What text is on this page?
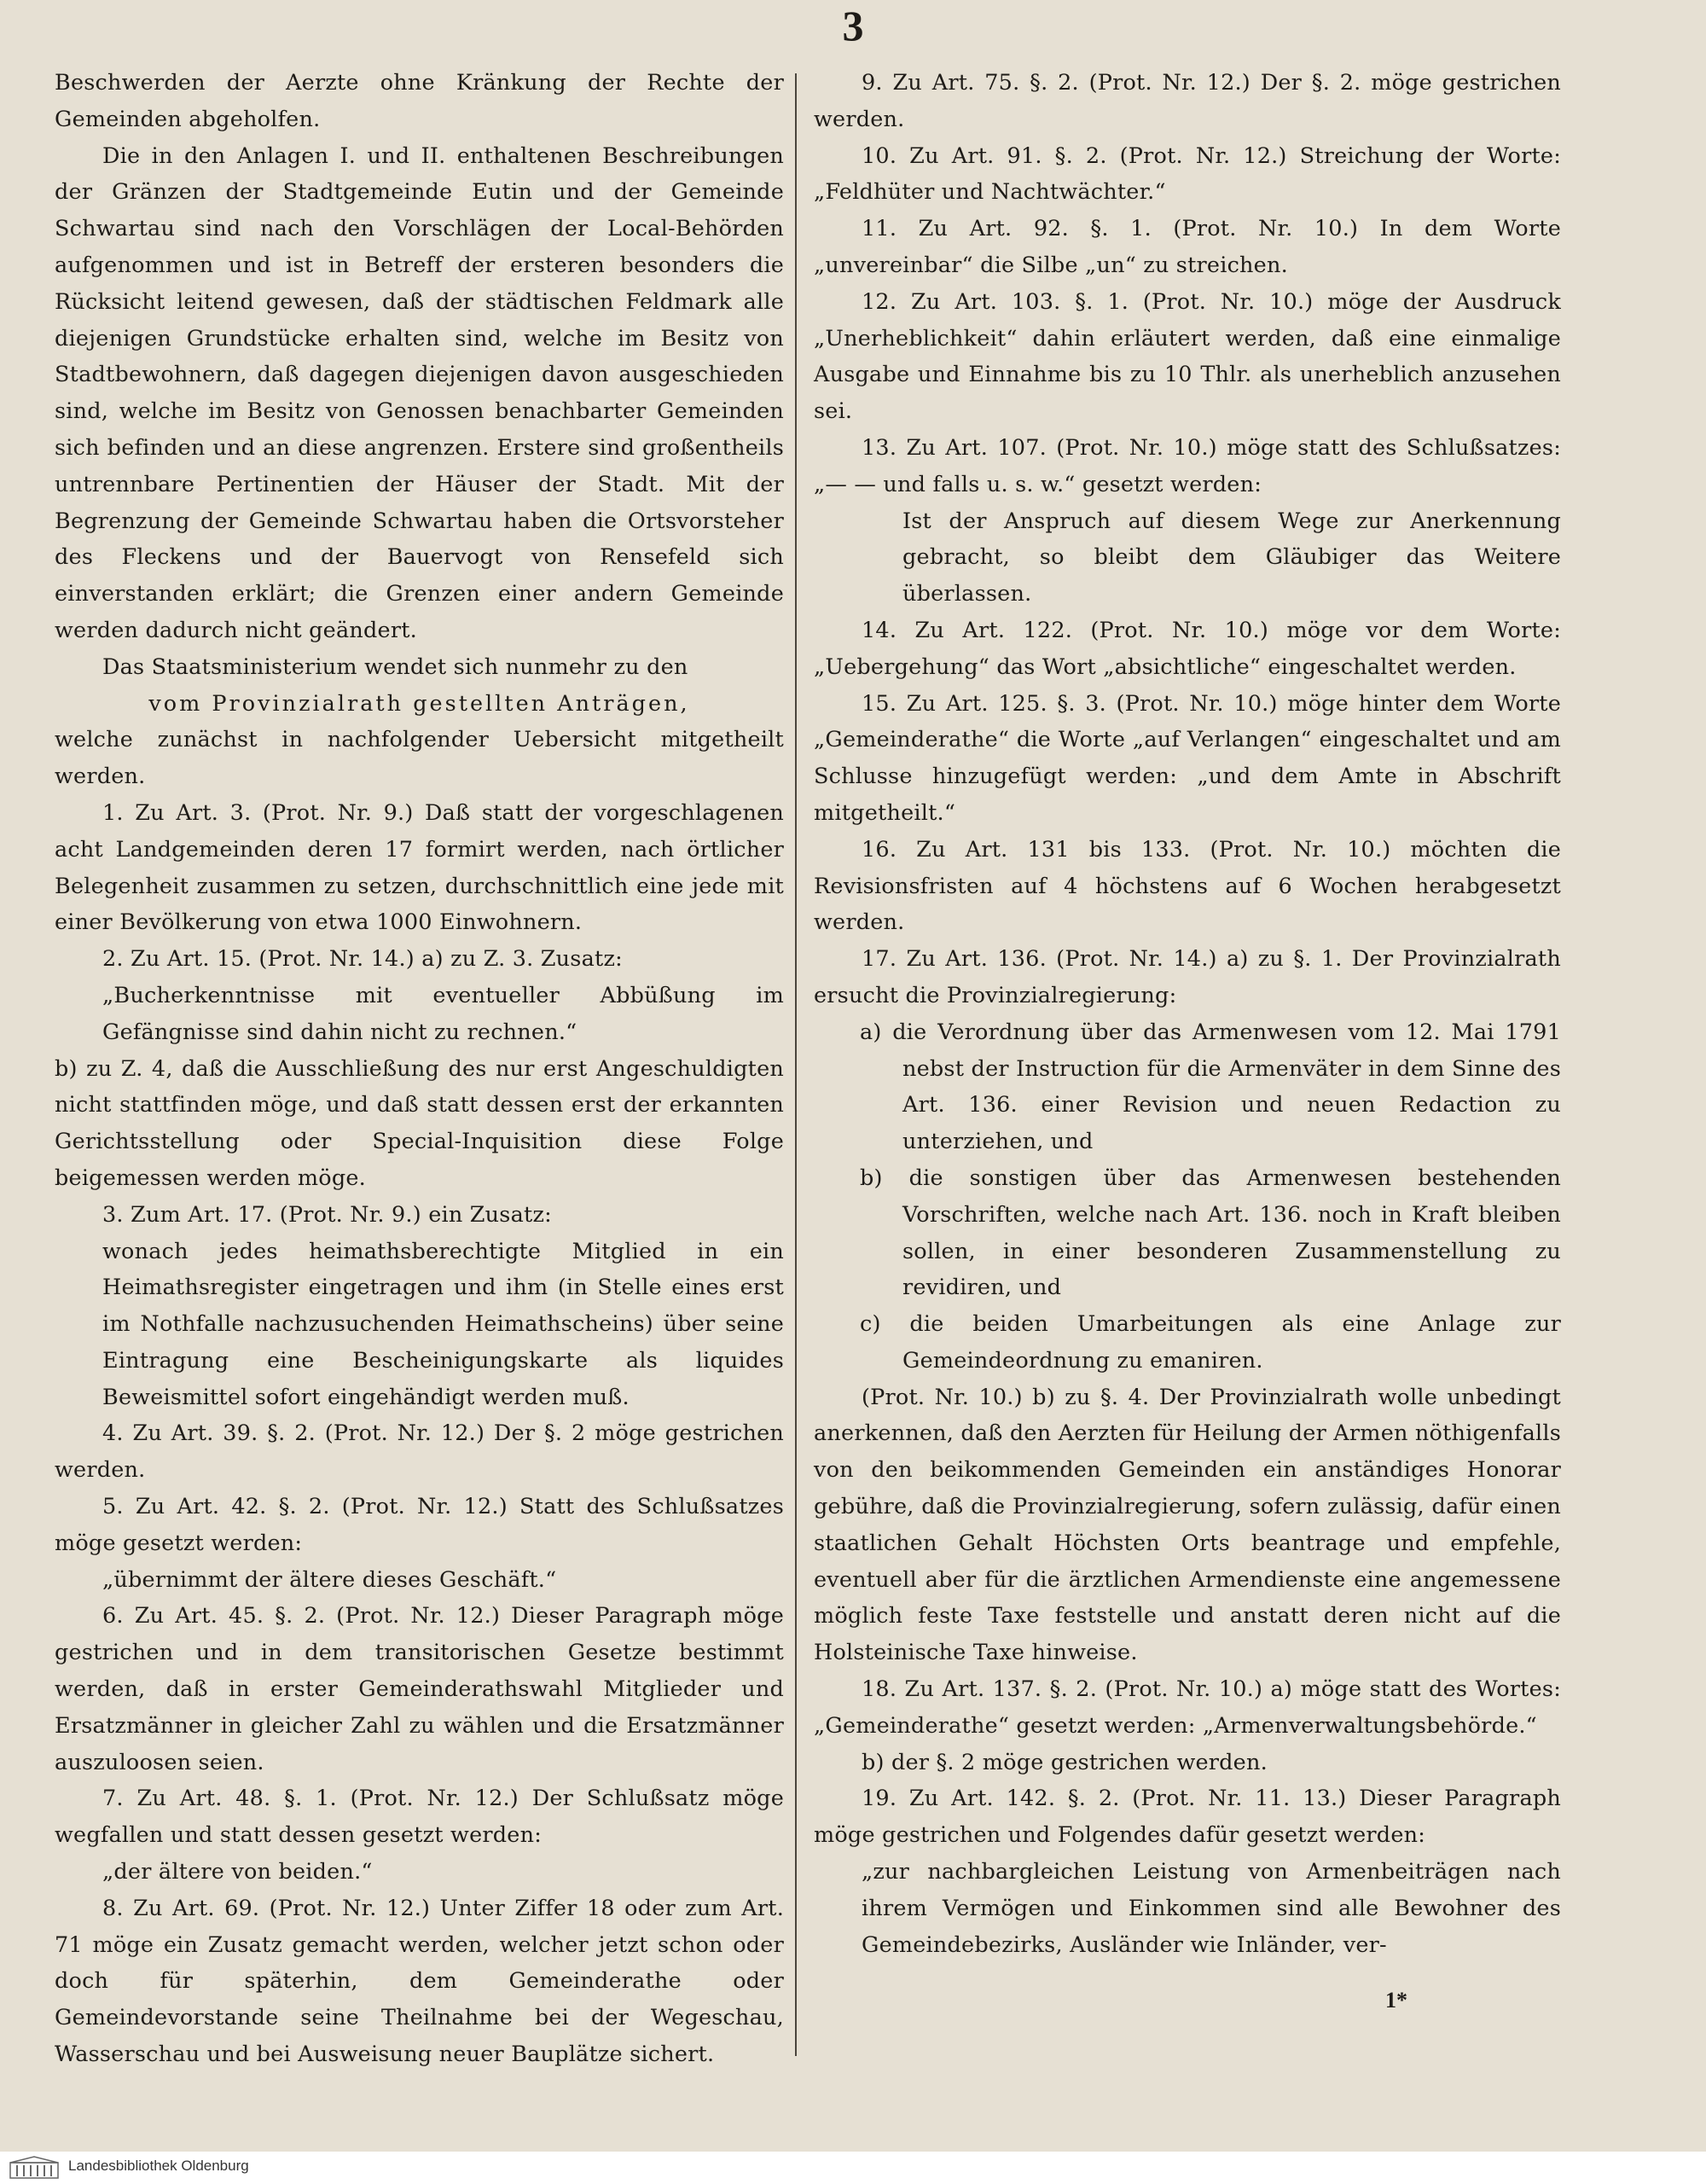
3

Beschwerden der Aerzte ohne Kränkung der Rechte der Gemeinden abgeholfen.

Die in den Anlagen I. und II. enthaltenen Beschreibungen der Gränzen der Stadtgemeinde Eutin und der Gemeinde Schwartau sind nach den Vorschlägen der Local-Behörden aufgenommen und ist in Betreff der ersteren besonders die Rücksicht leitend gewesen, daß der städtischen Feldmark alle diejenigen Grundstücke erhalten sind, welche im Besitz von Stadtbewohnern, daß dagegen diejenigen davon ausgeschieden sind, welche im Besitz von Genossen benachbarter Gemeinden sich befinden und an diese angrenzen. Erstere sind großentheils untrennbare Pertinentien der Häuser der Stadt. Mit der Begrenzung der Gemeinde Schwartau haben die Ortsvorsteher des Fleckens und der Bauervogt von Rensefeld sich einverstanden erklärt; die Grenzen einer andern Gemeinde werden dadurch nicht geändert.

Das Staatsministerium wendet sich nunmehr zu den

vom Provinzialrath gestellten Anträgen,

welche zunächst in nachfolgender Uebersicht mitgetheilt werden.

1. Zu Art. 3. (Prot. Nr. 9.) Daß statt der vorgeschlagenen acht Landgemeinden deren 17 formirt werden, nach örtlicher Belegenheit zusammen zu setzen, durchschnittlich eine jede mit einer Bevölkerung von etwa 1000 Einwohnern.

2. Zu Art. 15. (Prot. Nr. 14.) a) zu Z. 3. Zusatz:

„Bucherkenntnisse mit eventueller Abbüßung im Gefängnisse sind dahin nicht zu rechnen.“

b) zu Z. 4, daß die Ausschließung des nur erst Angeschuldigten nicht stattfinden möge, und daß statt dessen erst der erkannten Gerichtsstellung oder Special-Inquisition diese Folge beigemessen werden möge.

3. Zum Art. 17. (Prot. Nr. 9.) ein Zusatz:

wonach jedes heimathsberechtigte Mitglied in ein Heimathsregister eingetragen und ihm (in Stelle eines erst im Nothfalle nachzusuchenden Heimathscheins) über seine Eintragung eine Bescheinigungskarte als liquides Beweismittel sofort eingehändigt werden muß.

4. Zu Art. 39. §. 2. (Prot. Nr. 12.) Der §. 2 möge gestrichen werden.

5. Zu Art. 42. §. 2. (Prot. Nr. 12.) Statt des Schlußsatzes möge gesetzt werden:

„übernimmt der ältere dieses Geschäft.“

6. Zu Art. 45. §. 2. (Prot. Nr. 12.) Dieser Paragraph möge gestrichen und in dem transitorischen Gesetze bestimmt werden, daß in erster Gemeinderathswahl Mitglieder und Ersatzmänner in gleicher Zahl zu wählen und die Ersatzmänner auszuloosen seien.

7. Zu Art. 48. §. 1. (Prot. Nr. 12.) Der Schlußsatz möge wegfallen und statt dessen gesetzt werden:

„der ältere von beiden.“

8. Zu Art. 69. (Prot. Nr. 12.) Unter Ziffer 18 oder zum Art. 71 möge ein Zusatz gemacht werden, welcher jetzt schon oder doch für späterhin, dem Gemeinderathe oder Gemeindevorstande seine Theilnahme bei der Wegeschau, Wasserschau und bei Ausweisung neuer Bauplätze sichert.

9. Zu Art. 75. §. 2. (Prot. Nr. 12.) Der §. 2. möge gestrichen werden.

10. Zu Art. 91. §. 2. (Prot. Nr. 12.) Streichung der Worte: „Feldhüter und Nachtwächter.“

11. Zu Art. 92. §. 1. (Prot. Nr. 10.) In dem Worte „unvereinbar“ die Silbe „un“ zu streichen.

12. Zu Art. 103. §. 1. (Prot. Nr. 10.) möge der Ausdruck „Unerheblichkeit“ dahin erläutert werden, daß eine einmalige Ausgabe und Einnahme bis zu 10 Thlr. als unerheblich anzusehen sei.

13. Zu Art. 107. (Prot. Nr. 10.) möge statt des Schlußsatzes: „— — und falls u. s. w.“ gesetzt werden:

Ist der Anspruch auf diesem Wege zur Anerkennung gebracht, so bleibt dem Gläubiger das Weitere überlassen.

14. Zu Art. 122. (Prot. Nr. 10.) möge vor dem Worte: „Uebergehung“ das Wort „absichtliche“ eingeschaltet werden.

15. Zu Art. 125. §. 3. (Prot. Nr. 10.) möge hinter dem Worte „Gemeinderathe“ die Worte „auf Verlangen“ eingeschaltet und am Schlusse hinzugefügt werden: „und dem Amte in Abschrift mitgetheilt.“

16. Zu Art. 131 bis 133. (Prot. Nr. 10.) möchten die Revisionsfristen auf 4 höchstens auf 6 Wochen herabgesetzt werden.

17. Zu Art. 136. (Prot. Nr. 14.) a) zu §. 1. Der Provinzialrath ersucht die Provinzialregierung:

a) die Verordnung über das Armenwesen vom 12. Mai 1791 nebst der Instruction für die Armenväter in dem Sinne des Art. 136. einer Revision und neuen Redaction zu unterziehen, und

b) die sonstigen über das Armenwesen bestehenden Vorschriften, welche nach Art. 136. noch in Kraft bleiben sollen, in einer besonderen Zusammenstellung zu revidiren, und

c) die beiden Umarbeitungen als eine Anlage zur Gemeindeordnung zu emaniren.

(Prot. Nr. 10.) b) zu §. 4. Der Provinzialrath wolle unbedingt anerkennen, daß den Aerzten für Heilung der Armen nöthigenfalls von den beikommenden Gemeinden ein anständiges Honorar gebühre, daß die Provinzialregierung, sofern zulässig, dafür einen staatlichen Gehalt Höchsten Orts beantrage und empfehle, eventuell aber für die ärztlichen Armendienste eine angemessene möglich feste Taxe feststelle und anstatt deren nicht auf die Holsteinische Taxe hinweise.

18. Zu Art. 137. §. 2. (Prot. Nr. 10.) a) möge statt des Wortes: „Gemeinderathe“ gesetzt werden: „Armenverwaltungsbehörde.“

b) der §. 2 möge gestrichen werden.

19. Zu Art. 142. §. 2. (Prot. Nr. 11. 13.) Dieser Paragraph möge gestrichen und Folgendes dafür gesetzt werden:

„zur nachbargleichen Leistung von Armenbeiträgen nach ihrem Vermögen und Einkommen sind alle Bewohner des Gemeindebezirks, Ausländer wie Inländer, ver-

1*
Landesbibliothek Oldenburg
